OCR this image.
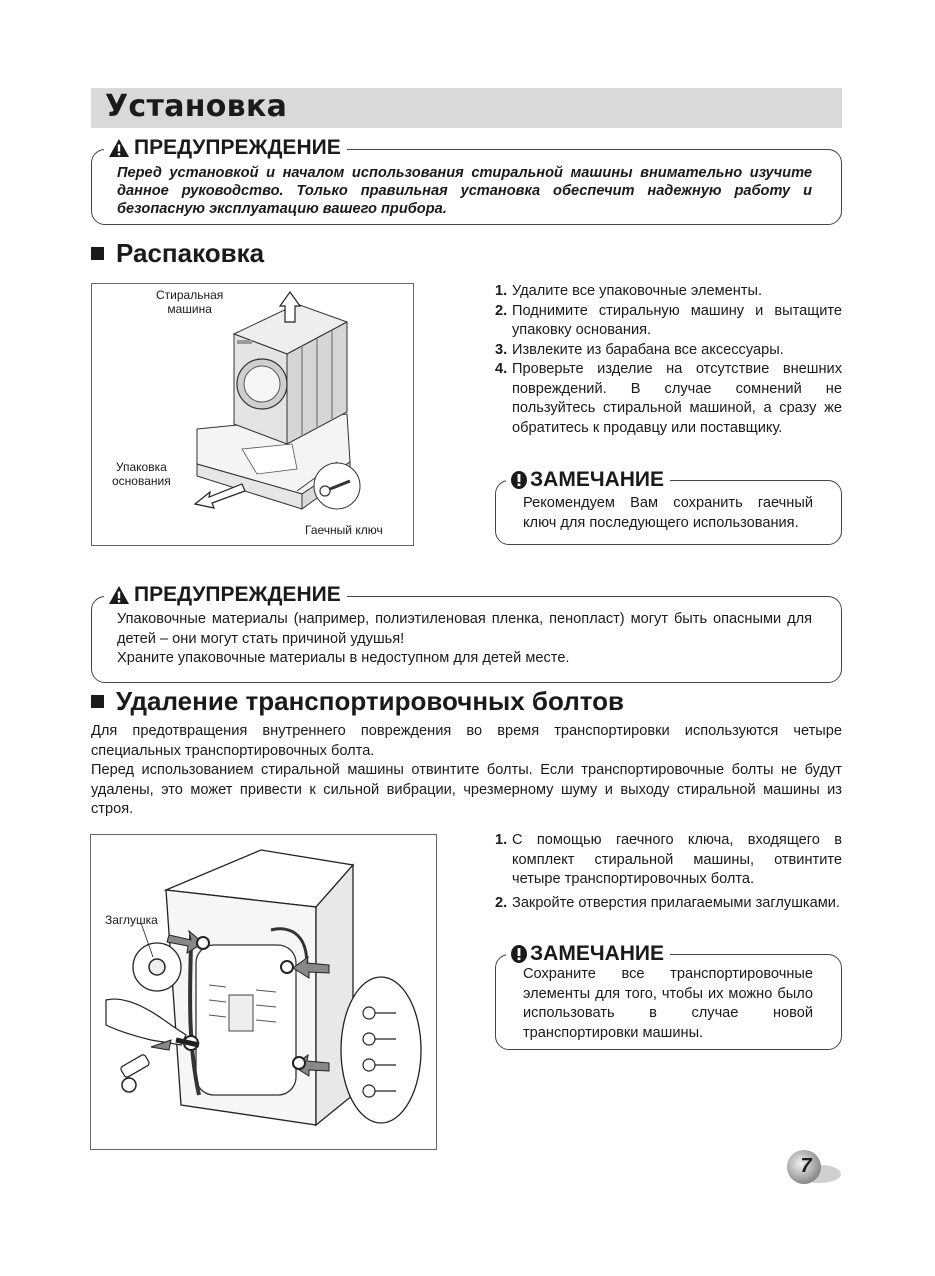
Установка
ПРЕДУПРЕЖДЕНИЕ
Перед установкой и началом использования стиральной машины внимательно изучите данное руководство. Только правильная установка обеспечит надежную работу и безопасную эксплуатацию вашего прибора.
Распаковка
Стиральная
машина
Упаковка
основания
Гаечный ключ
1. Удалите все упаковочные элементы.
2. Поднимите стиральную машину и вытащите упаковку основания.
3. Извлеките из барабана все аксессуары.
4. Проверьте изделие на отсутствие внешних повреждений. В случае сомнений не пользуйтесь стиральной машиной, а сразу же обратитесь к продавцу или поставщику.
ЗАМЕЧАНИЕ
Рекомендуем Вам сохранить гаечный ключ для последующего использования.
ПРЕДУПРЕЖДЕНИЕ
Упаковочные материалы (например, полиэтиленовая пленка, пенопласт) могут быть опасными для детей – они могут стать причиной удушья!
Храните упаковочные материалы в недоступном для детей месте.
Удаление транспортировочных болтов
Для предотвращения внутреннего повреждения во время транспортировки используются четыре специальных транспортировочных болта.
Перед использованием стиральной машины отвинтите болты. Если транспортировочные болты не будут удалены, это может привести к сильной вибрации, чрезмерному шуму и выходу стиральной машины из строя.
Заглушка
1. С помощью гаечного ключа, входящего в комплект стиральной машины, отвинтите четыре транспортировочных болта.
2. Закройте отверстия прилагаемыми заглушками.
ЗАМЕЧАНИЕ
Сохраните все транспортировочные элементы для того, чтобы их можно было использовать в случае новой транспортировки машины.
7
